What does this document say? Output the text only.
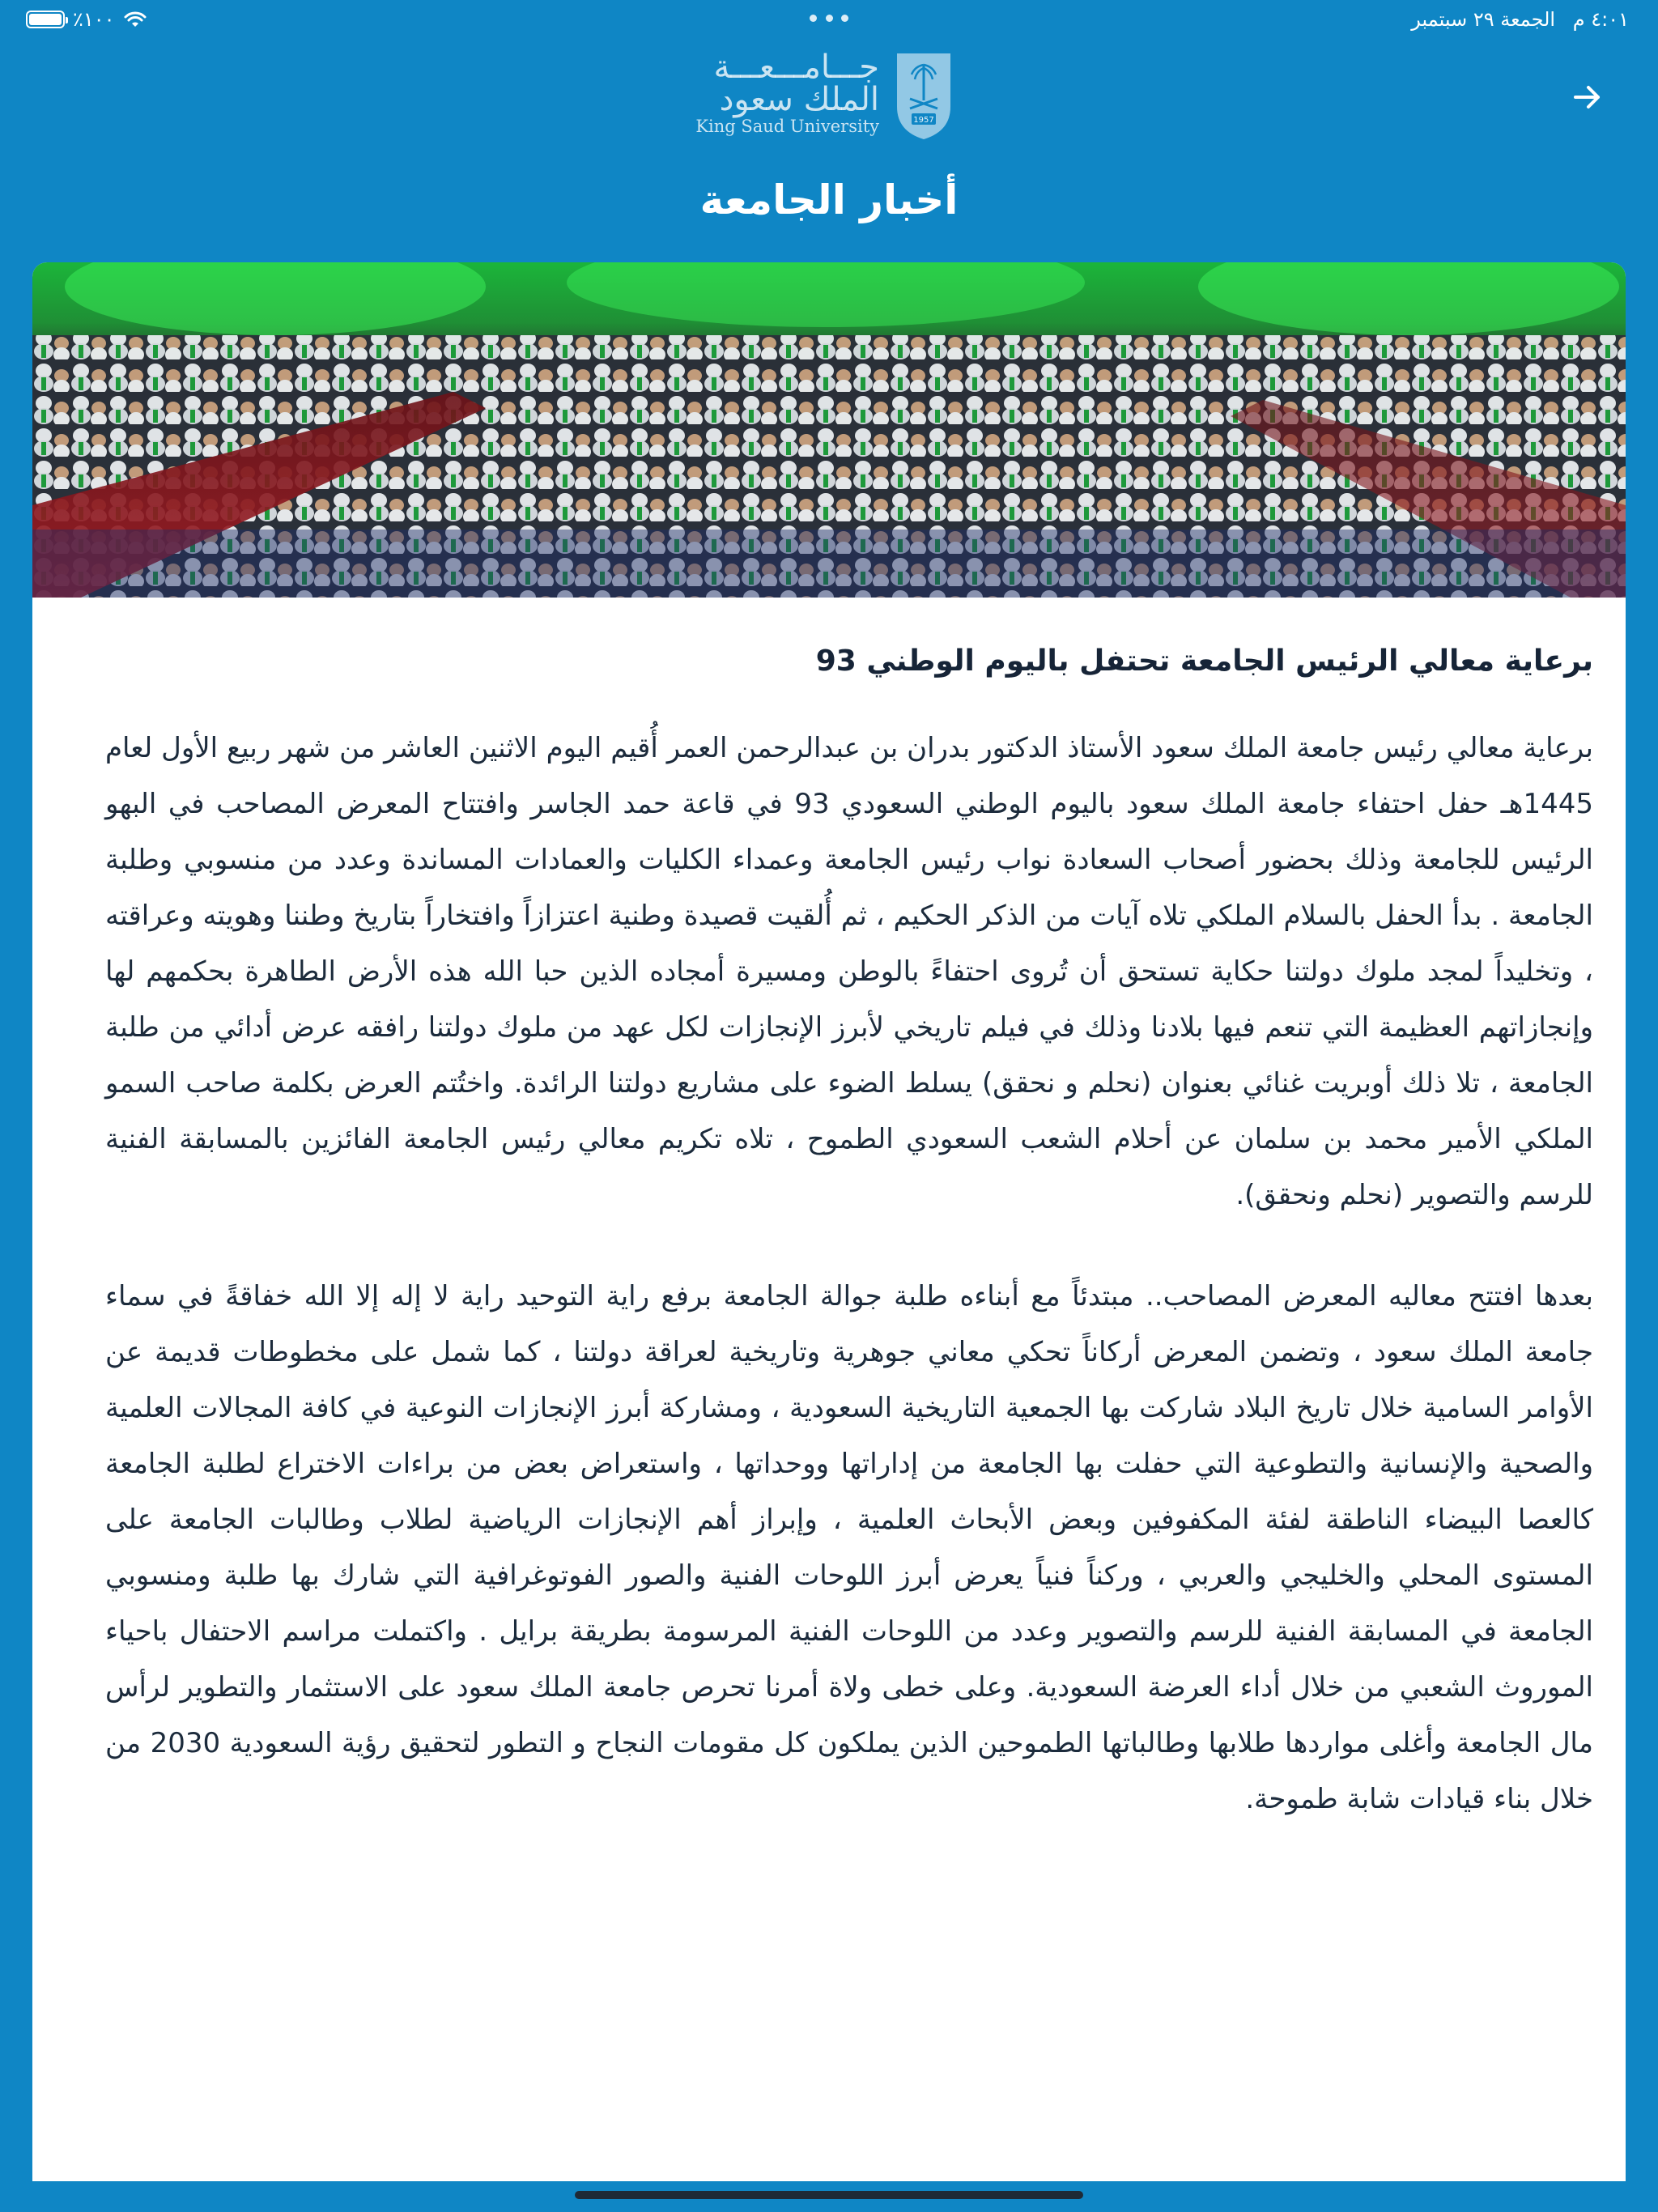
٤:٠١ م الجمعة ٢٩ سبتمبر
٪١٠٠
جـــامـــعـــة
الملك سعود
King Saud University	1957
أخبار الجامعة
برعاية معالي الرئيس الجامعة تحتفل باليوم الوطني 93

برعاية معالي رئيس جامعة الملك سعود الأستاذ الدكتور بدران بن عبدالرحمن العمر أُقيم اليوم الاثنين العاشر من شهر ربيع الأول لعام 1445هـ حفل احتفاء جامعة الملك سعود باليوم الوطني السعودي 93 في قاعة حمد الجاسر وافتتاح المعرض المصاحب في البهو الرئيس للجامعة وذلك بحضور أصحاب السعادة نواب رئيس الجامعة وعمداء الكليات والعمادات المساندة وعدد من منسوبي وطلبة الجامعة . بدأ الحفل بالسلام الملكي تلاه آيات من الذكر الحكيم ، ثم أُلقيت قصيدة وطنية اعتزازاً وافتخاراً بتاريخ وطننا وهويته وعراقته ، وتخليداً لمجد ملوك دولتنا حكاية تستحق أن تُروى احتفاءً بالوطن ومسيرة أمجاده الذين حبا الله هذه الأرض الطاهرة بحكمهم لها وإنجازاتهم العظيمة التي تنعم فيها بلادنا وذلك في فيلم تاريخي لأبرز الإنجازات لكل عهد من ملوك دولتنا رافقه عرض أدائي من طلبة الجامعة ، تلا ذلك أوبريت غنائي بعنوان (نحلم و نحقق) يسلط الضوء على مشاريع دولتنا الرائدة. واختُتم العرض بكلمة صاحب السمو الملكي الأمير محمد بن سلمان عن أحلام الشعب السعودي الطموح ، تلاه تكريم معالي رئيس الجامعة الفائزين بالمسابقة الفنية للرسم والتصوير (نحلم ونحقق).

بعدها افتتح معاليه المعرض المصاحب.. مبتدئاً مع أبناءه طلبة جوالة الجامعة برفع راية التوحيد راية لا إله إلا الله خفاقةً في سماء جامعة الملك سعود ، وتضمن المعرض أركاناً تحكي معاني جوهرية وتاريخية لعراقة دولتنا ، كما شمل على مخطوطات قديمة عن الأوامر السامية خلال تاريخ البلاد شاركت بها الجمعية التاريخية السعودية ، ومشاركة أبرز الإنجازات النوعية في كافة المجالات العلمية والصحية والإنسانية والتطوعية التي حفلت بها الجامعة من إداراتها ووحداتها ، واستعراض بعض من براءات الاختراع لطلبة الجامعة كالعصا البيضاء الناطقة لفئة المكفوفين وبعض الأبحاث العلمية ، وإبراز أهم الإنجازات الرياضية لطلاب وطالبات الجامعة على المستوى المحلي والخليجي والعربي ، وركناً فنياً يعرض أبرز اللوحات الفنية والصور الفوتوغرافية التي شارك بها طلبة ومنسوبي الجامعة في المسابقة الفنية للرسم والتصوير وعدد من اللوحات الفنية المرسومة بطريقة برايل . واكتملت مراسم الاحتفال باحياء الموروث الشعبي من خلال أداء العرضة السعودية. وعلى خطى ولاة أمرنا تحرص جامعة الملك سعود على الاستثمار والتطوير لرأس مال الجامعة وأغلى مواردها طلابها وطالباتها الطموحين الذين يملكون كل مقومات النجاح و التطور لتحقيق رؤية السعودية 2030 من خلال بناء قيادات شابة طموحة.
